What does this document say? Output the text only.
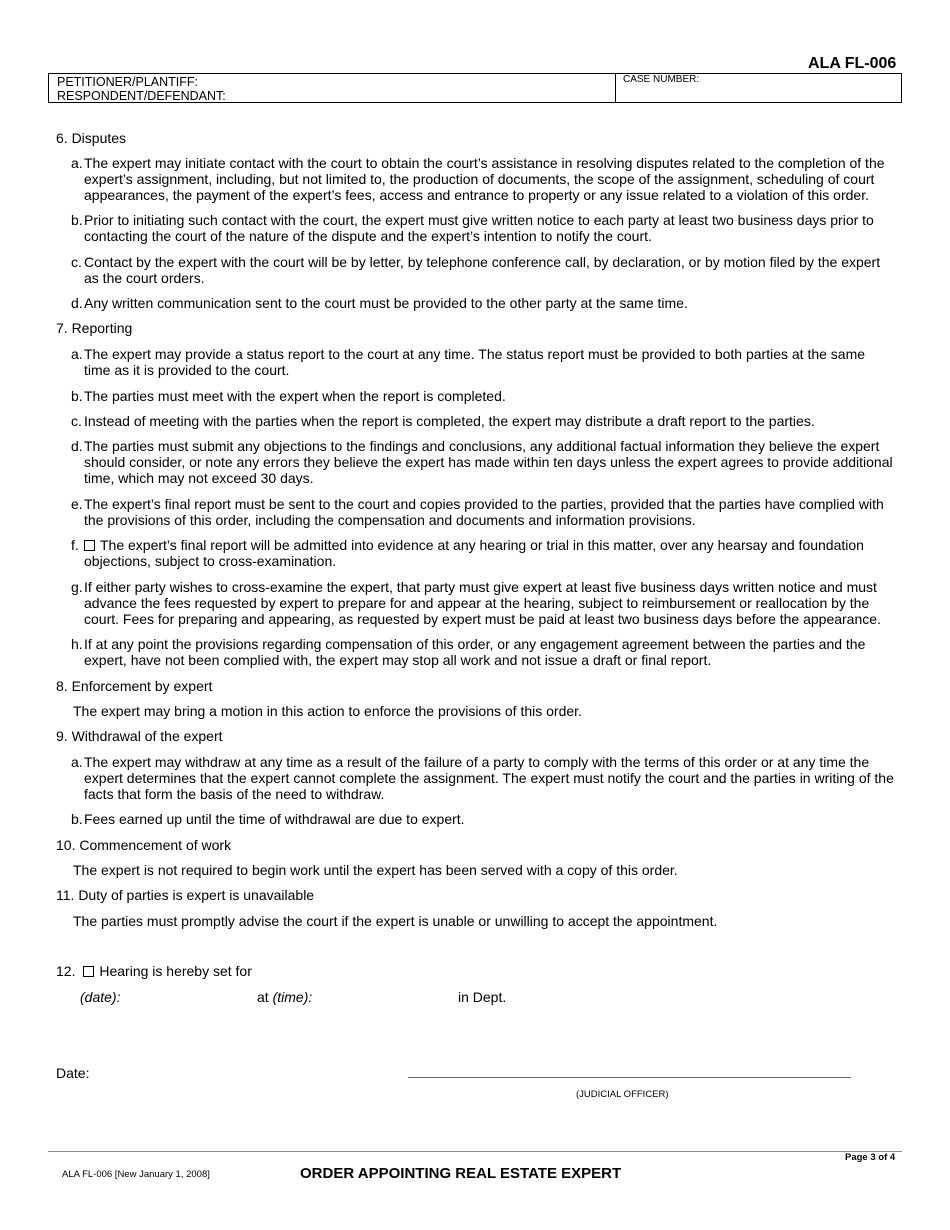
ALA FL-006
PETITIONER/PLANTIFF:
RESPONDENT/DEFENDANT:
CASE NUMBER:
6. Disputes
a. The expert may initiate contact with the court to obtain the court’s assistance in resolving disputes related to the completion of the expert’s assignment, including, but not limited to, the production of documents, the scope of the assignment, scheduling of court appearances, the payment of the expert’s fees, access and entrance to property or any issue related to a violation of this order.
b. Prior to initiating such contact with the court, the expert must give written notice to each party at least two business days prior to contacting the court of the nature of the dispute and the expert’s intention to notify the court.
c. Contact by the expert with the court will be by letter, by telephone conference call, by declaration, or by motion filed by the expert as the court orders.
d. Any written communication sent to the court must be provided to the other party at the same time.
7. Reporting
a. The expert may provide a status report to the court at any time. The status report must be provided to both parties at the same time as it is provided to the court.
b. The parties must meet with the expert when the report is completed.
c. Instead of meeting with the parties when the report is completed, the expert may distribute a draft report to the parties.
d. The parties must submit any objections to the findings and conclusions, any additional factual information they believe the expert should consider, or note any errors they believe the expert has made within ten days unless the expert agrees to provide additional time, which may not exceed 30 days.
e. The expert’s final report must be sent to the court and copies provided to the parties, provided that the parties have complied with the provisions of this order, including the compensation and documents and information provisions.
f.	The expert’s final report will be admitted into evidence at any hearing or trial in this matter, over any hearsay and foundation objections, subject to cross-examination.
g. If either party wishes to cross-examine the expert, that party must give expert at least five business days written notice and must advance the fees requested by expert to prepare for and appear at the hearing, subject to reimbursement or reallocation by the court. Fees for preparing and appearing, as requested by expert must be paid at least two business days before the appearance.
h. If at any point the provisions regarding compensation of this order, or any engagement agreement between the parties and the expert, have not been complied with, the expert may stop all work and not issue a draft or final report.
8. Enforcement by expert
The expert may bring a motion in this action to enforce the provisions of this order.
9. Withdrawal of the expert
a. The expert may withdraw at any time as a result of the failure of a party to comply with the terms of this order or at any time the expert determines that the expert cannot complete the assignment. The expert must notify the court and the parties in writing of the facts that form the basis of the need to withdraw.
b. Fees earned up until the time of withdrawal are due to expert.
10. Commencement of work
The expert is not required to begin work until the expert has been served with a copy of this order.
11. Duty of parties is expert is unavailable
The parties must promptly advise the court if the expert is unable or unwilling to accept the appointment.
12. Hearing is hereby set for
(date):	at (time):	in Dept.
Date:
(JUDICIAL OFFICER)
Page 3 of 4
ALA FL-006 [New January 1, 2008]	ORDER APPOINTING REAL ESTATE EXPERT
